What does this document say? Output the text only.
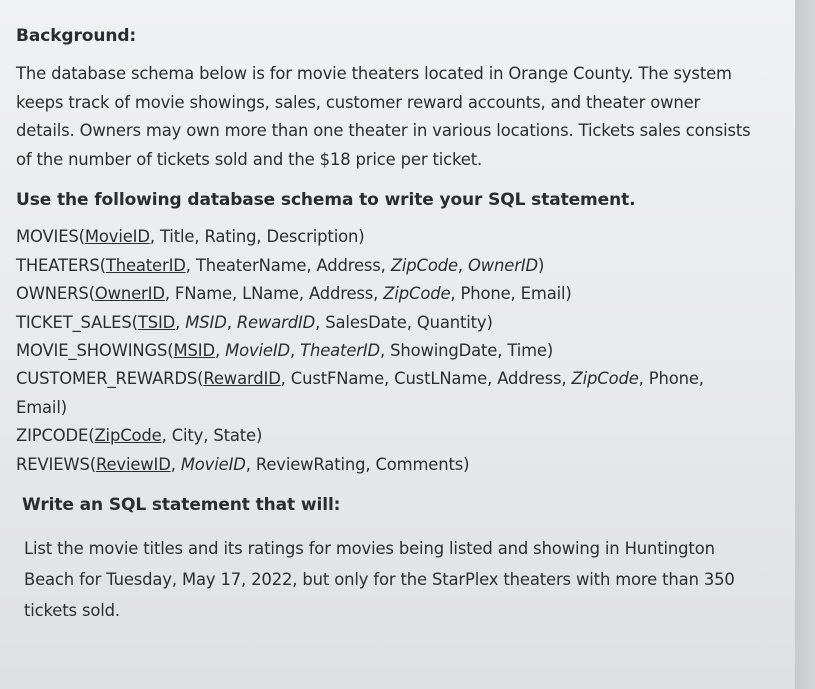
Background:

The database schema below is for movie theaters located in Orange County. The system

keeps track of movie showings, sales, customer reward accounts, and theater owner

details. Owners may own more than one theater in various locations. Tickets sales consists

of the number of tickets sold and the $18 price per ticket.

Use the following database schema to write your SQL statement.
MOVIES(MovieID, Title, Rating, Description)
THEATERS(TheaterID, TheaterName, Address, ZipCode, OwnerID)
OWNERS(OwnerID, FName, LName, Address, ZipCode, Phone, Email)
TICKET_SALES(TSID, MSID, RewardID, SalesDate, Quantity)
MOVIE_SHOWINGS(MSID, MovieID, TheaterID, ShowingDate, Time)
CUSTOMER_REWARDS(RewardID, CustFName, CustLName, Address, ZipCode, Phone,
Email)
ZIPCODE(ZipCode, City, State)
REVIEWS(ReviewID, MovieID, ReviewRating, Comments)
Write an SQL statement that will:
List the movie titles and its ratings for movies being listed and showing in Huntington
Beach for Tuesday, May 17, 2022, but only for the StarPlex theaters with more than 350
tickets sold.
